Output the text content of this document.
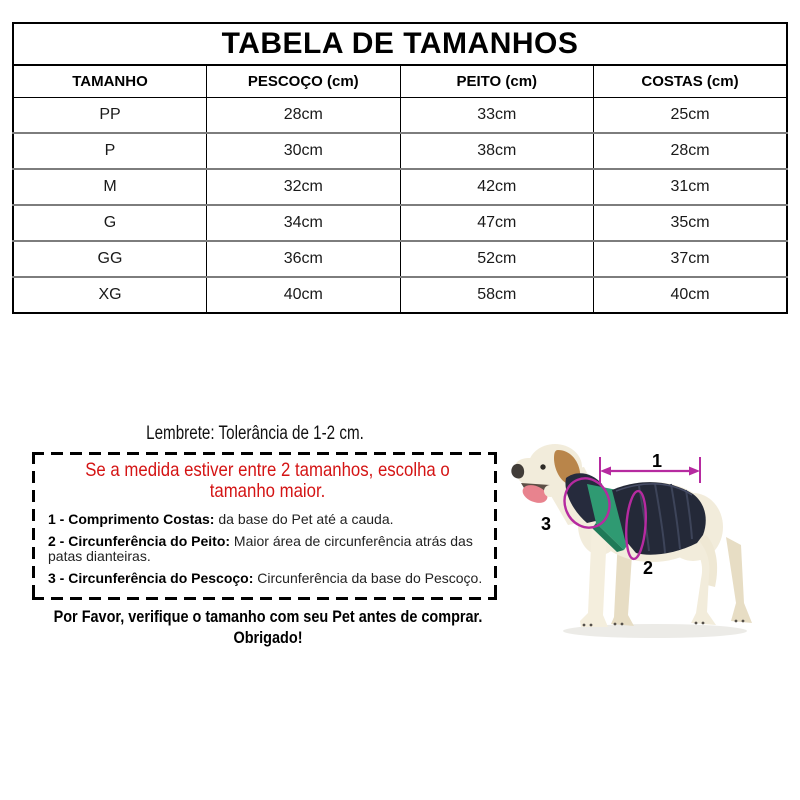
TABELA DE TAMANHOS			
TAMANHO	PESCOÇO (cm)	PEITO (cm)	COSTAS (cm)
PP	28cm	33cm	25cm
P	30cm	38cm	28cm
M	32cm	42cm	31cm
G	34cm	47cm	35cm
GG	36cm	52cm	37cm
XG	40cm	58cm	40cm
Lembrete: Tolerância de 1-2 cm.
Se a medida estiver entre 2 tamanhos, escolha o
tamanho maior.

1 - Comprimento Costas: da base do Pet até a cauda.

2 - Circunferência do Peito: Maior área de circunferência atrás das patas dianteiras.

3 - Circunferência do Pescoço: Circunferência da base do Pescoço.

Por Favor, verifique o tamanho com seu Pet antes de comprar.
Obrigado!
1
3
2
